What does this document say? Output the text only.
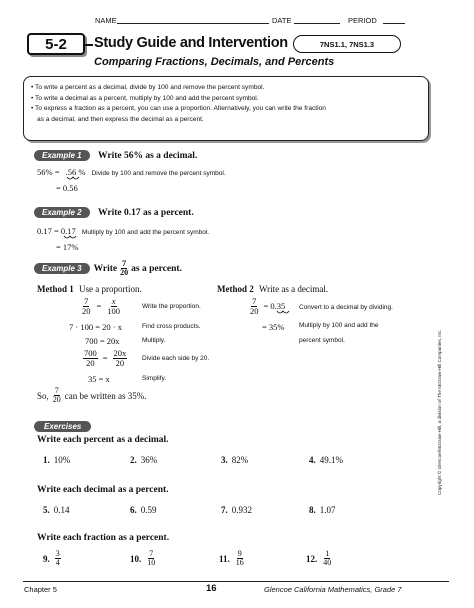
NAME	DATE	PERIOD
5-2 Study Guide and Intervention	7NS1.1, 7NS1.3
Comparing Fractions, Decimals, and Percents
• To write a percent as a decimal, divide by 100 and remove the percent symbol.
• To write a decimal as a percent, multiply by 100 and add the percent symbol.
• To express a fraction as a percent, you can use a proportion. Alternatively, you can write the fraction
as a decimal, and then express the decimal as a percent.
Example 1 Write 56% as a decimal.
56% = .56 % Divide by 100 and remove the percent symbol.
= 0.56
Example 2 Write 0.17 as a percent.
0.17 = 0.17 Multiply by 100 and add the percent symbol.
= 17%
Example 3	Write $\frac{7}{20}$ as a percent.
Method 1 Use a proportion.
$\frac{7}{20} = \frac{x}{100}$	Write the proportion.
7 · 100 = 20 · x	Find cross products.
700 = 20x	Multiply.
$\frac{700}{20} = \frac{20x}{20}$ Divide each side by 20.
35 = x	Simplify.
Method 2 Write as a decimal.
$\frac{7}{20} = 0.35$ Convert to a decimal by dividing.
= 35% Multiply by 100 and add the
percent symbol.
So, $\frac{7}{20}$ can be written as 35%.
Exercises
Write each percent as a decimal.
1. 10%	2. 36%	3. 82%	4. 49.1%
Write each decimal as a percent.
5. 0.14	6. 0.59	7. 0.932	8. 1.07
Write each fraction as a percent.
9. $\frac{3}{4}$	10. $\frac{7}{10}$	11. $\frac{9}{16}$	12. $\frac{1}{40}$
Copyright © Glencoe/McGraw-Hill, a division of The McGraw-Hill Companies, Inc.
Chapter 5	16	Glencoe California Mathematics, Grade 7
